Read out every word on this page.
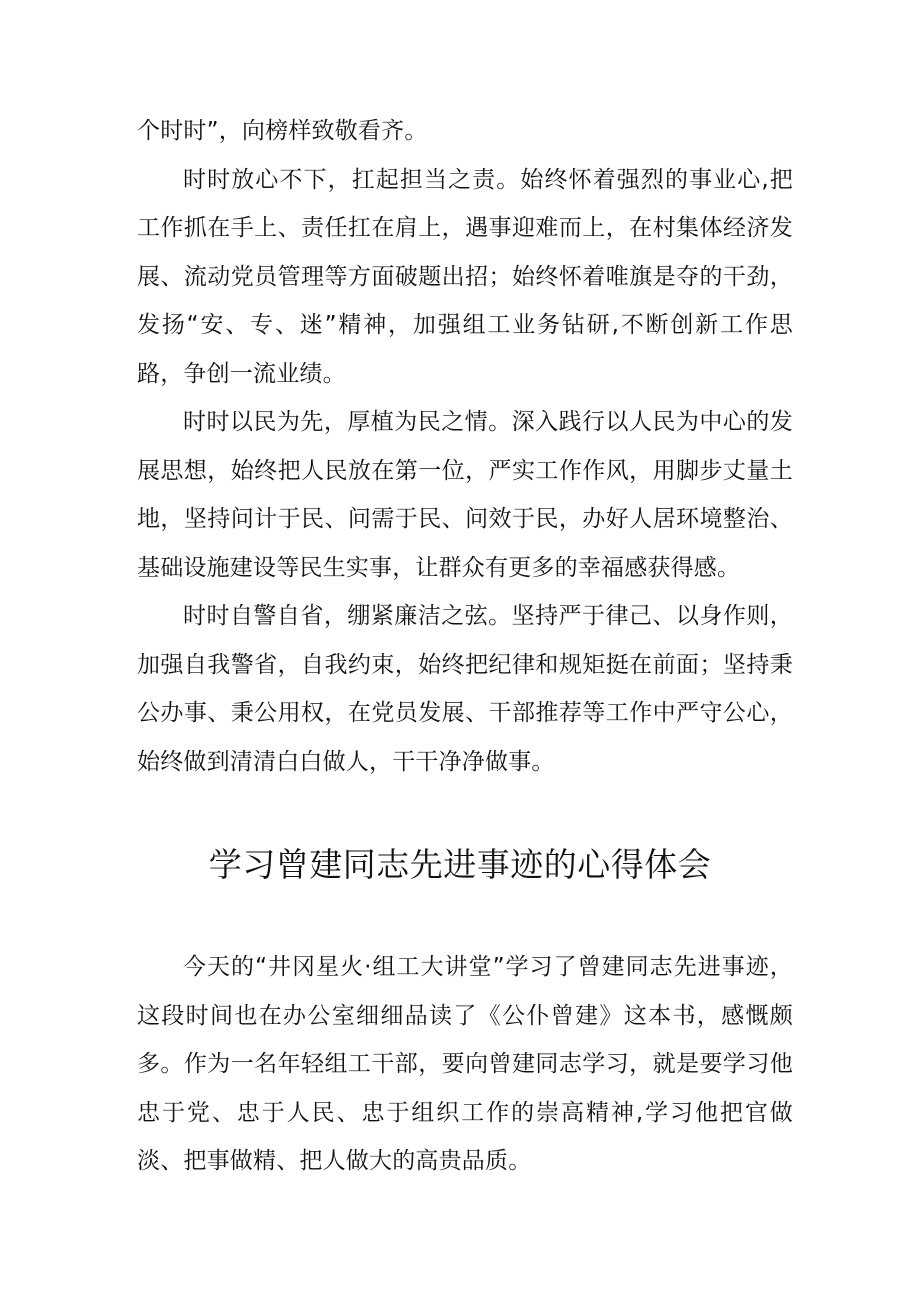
个时时”，向榜样致敬看齐。

时时放心不下，扛起担当之责。始终怀着强烈的事业心,把工作抓在手上、责任扛在肩上，遇事迎难而上，在村集体经济发展、流动党员管理等方面破题出招；始终怀着唯旗是夺的干劲，发扬“安、专、迷”精神，加强组工业务钻研,不断创新工作思路，争创一流业绩。

时时以民为先，厚植为民之情。深入践行以人民为中心的发展思想，始终把人民放在第一位，严实工作作风，用脚步丈量土地，坚持问计于民、问需于民、问效于民，办好人居环境整治、基础设施建设等民生实事，让群众有更多的幸福感获得感。

时时自警自省，绷紧廉洁之弦。坚持严于律己、以身作则，加强自我警省，自我约束，始终把纪律和规矩挺在前面；坚持秉公办事、秉公用权，在党员发展、干部推荐等工作中严守公心，始终做到清清白白做人，干干净净做事。

学习曾建同志先进事迹的心得体会

今天的“井冈星火·组工大讲堂”学习了曾建同志先进事迹，这段时间也在办公室细细品读了《公仆曾建》这本书，感慨颇多。作为一名年轻组工干部，要向曾建同志学习，就是要学习他忠于党、忠于人民、忠于组织工作的崇高精神,学习他把官做淡、把事做精、把人做大的高贵品质。
